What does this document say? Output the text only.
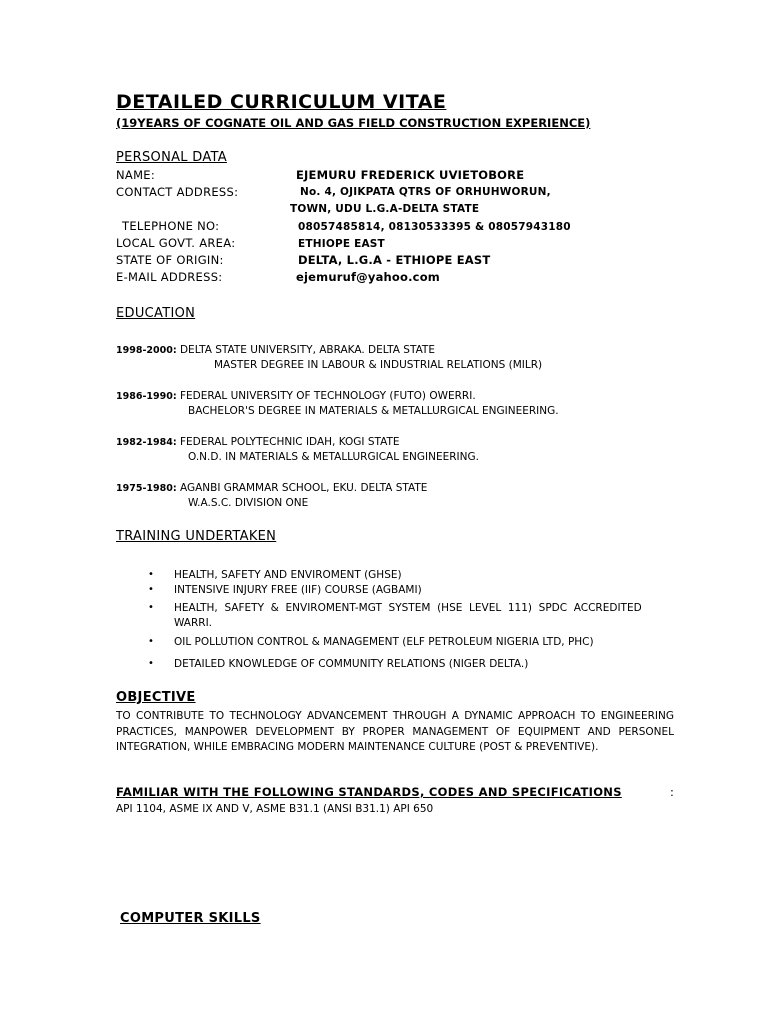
DETAILED CURRICULUM VITAE
(19YEARS OF COGNATE OIL AND GAS FIELD CONSTRUCTION EXPERIENCE)
PERSONAL DATA
NAME:	EJEMURU FREDERICK UVIETOBORE
CONTACT ADDRESS:	No. 4, OJIKPATA QTRS OF ORHUHWORUN,
TOWN, UDU L.G.A-DELTA STATE
TELEPHONE NO:	08057485814, 08130533395 & 08057943180
LOCAL GOVT. AREA:	ETHIOPE EAST
STATE OF ORIGIN:	DELTA, L.G.A - ETHIOPE EAST
E-MAIL ADDRESS:	ejemuruf@yahoo.com
EDUCATION
1998-2000: DELTA STATE UNIVERSITY, ABRAKA. DELTA STATE
MASTER DEGREE IN LABOUR & INDUSTRIAL RELATIONS (MILR)
1986-1990: FEDERAL UNIVERSITY OF TECHNOLOGY (FUTO) OWERRI.
BACHELOR'S DEGREE IN MATERIALS & METALLURGICAL ENGINEERING.
1982-1984: FEDERAL POLYTECHNIC IDAH, KOGI STATE
O.N.D. IN MATERIALS & METALLURGICAL ENGINEERING.
1975-1980: AGANBI GRAMMAR SCHOOL, EKU. DELTA STATE
W.A.S.C. DIVISION ONE
TRAINING UNDERTAKEN
• HEALTH, SAFETY AND ENVIROMENT (GHSE)
• INTENSIVE INJURY FREE (IIF) COURSE (AGBAMI)
• HEALTH,  SAFETY  &  ENVIROMENT-MGT  SYSTEM  (HSE  LEVEL  111)  SPDC  ACCREDITED
WARRI.
• OIL POLLUTION CONTROL & MANAGEMENT (ELF PETROLEUM NIGERIA LTD, PHC)
• DETAILED KNOWLEDGE OF COMMUNITY RELATIONS (NIGER DELTA.)
OBJECTIVE
TO CONTRIBUTE TO TECHNOLOGY ADVANCEMENT THROUGH A DYNAMIC APPROACH TO ENGINEERING PRACTICES, MANPOWER DEVELOPMENT BY PROPER MANAGEMENT OF EQUIPMENT AND PERSONEL INTEGRATION, WHILE EMBRACING MODERN MAINTENANCE CULTURE (POST & PREVENTIVE).
FAMILIAR WITH THE FOLLOWING STANDARDS, CODES AND SPECIFICATIONS	:
API 1104, ASME IX AND V, ASME B31.1 (ANSI B31.1) API 650
COMPUTER SKILLS
